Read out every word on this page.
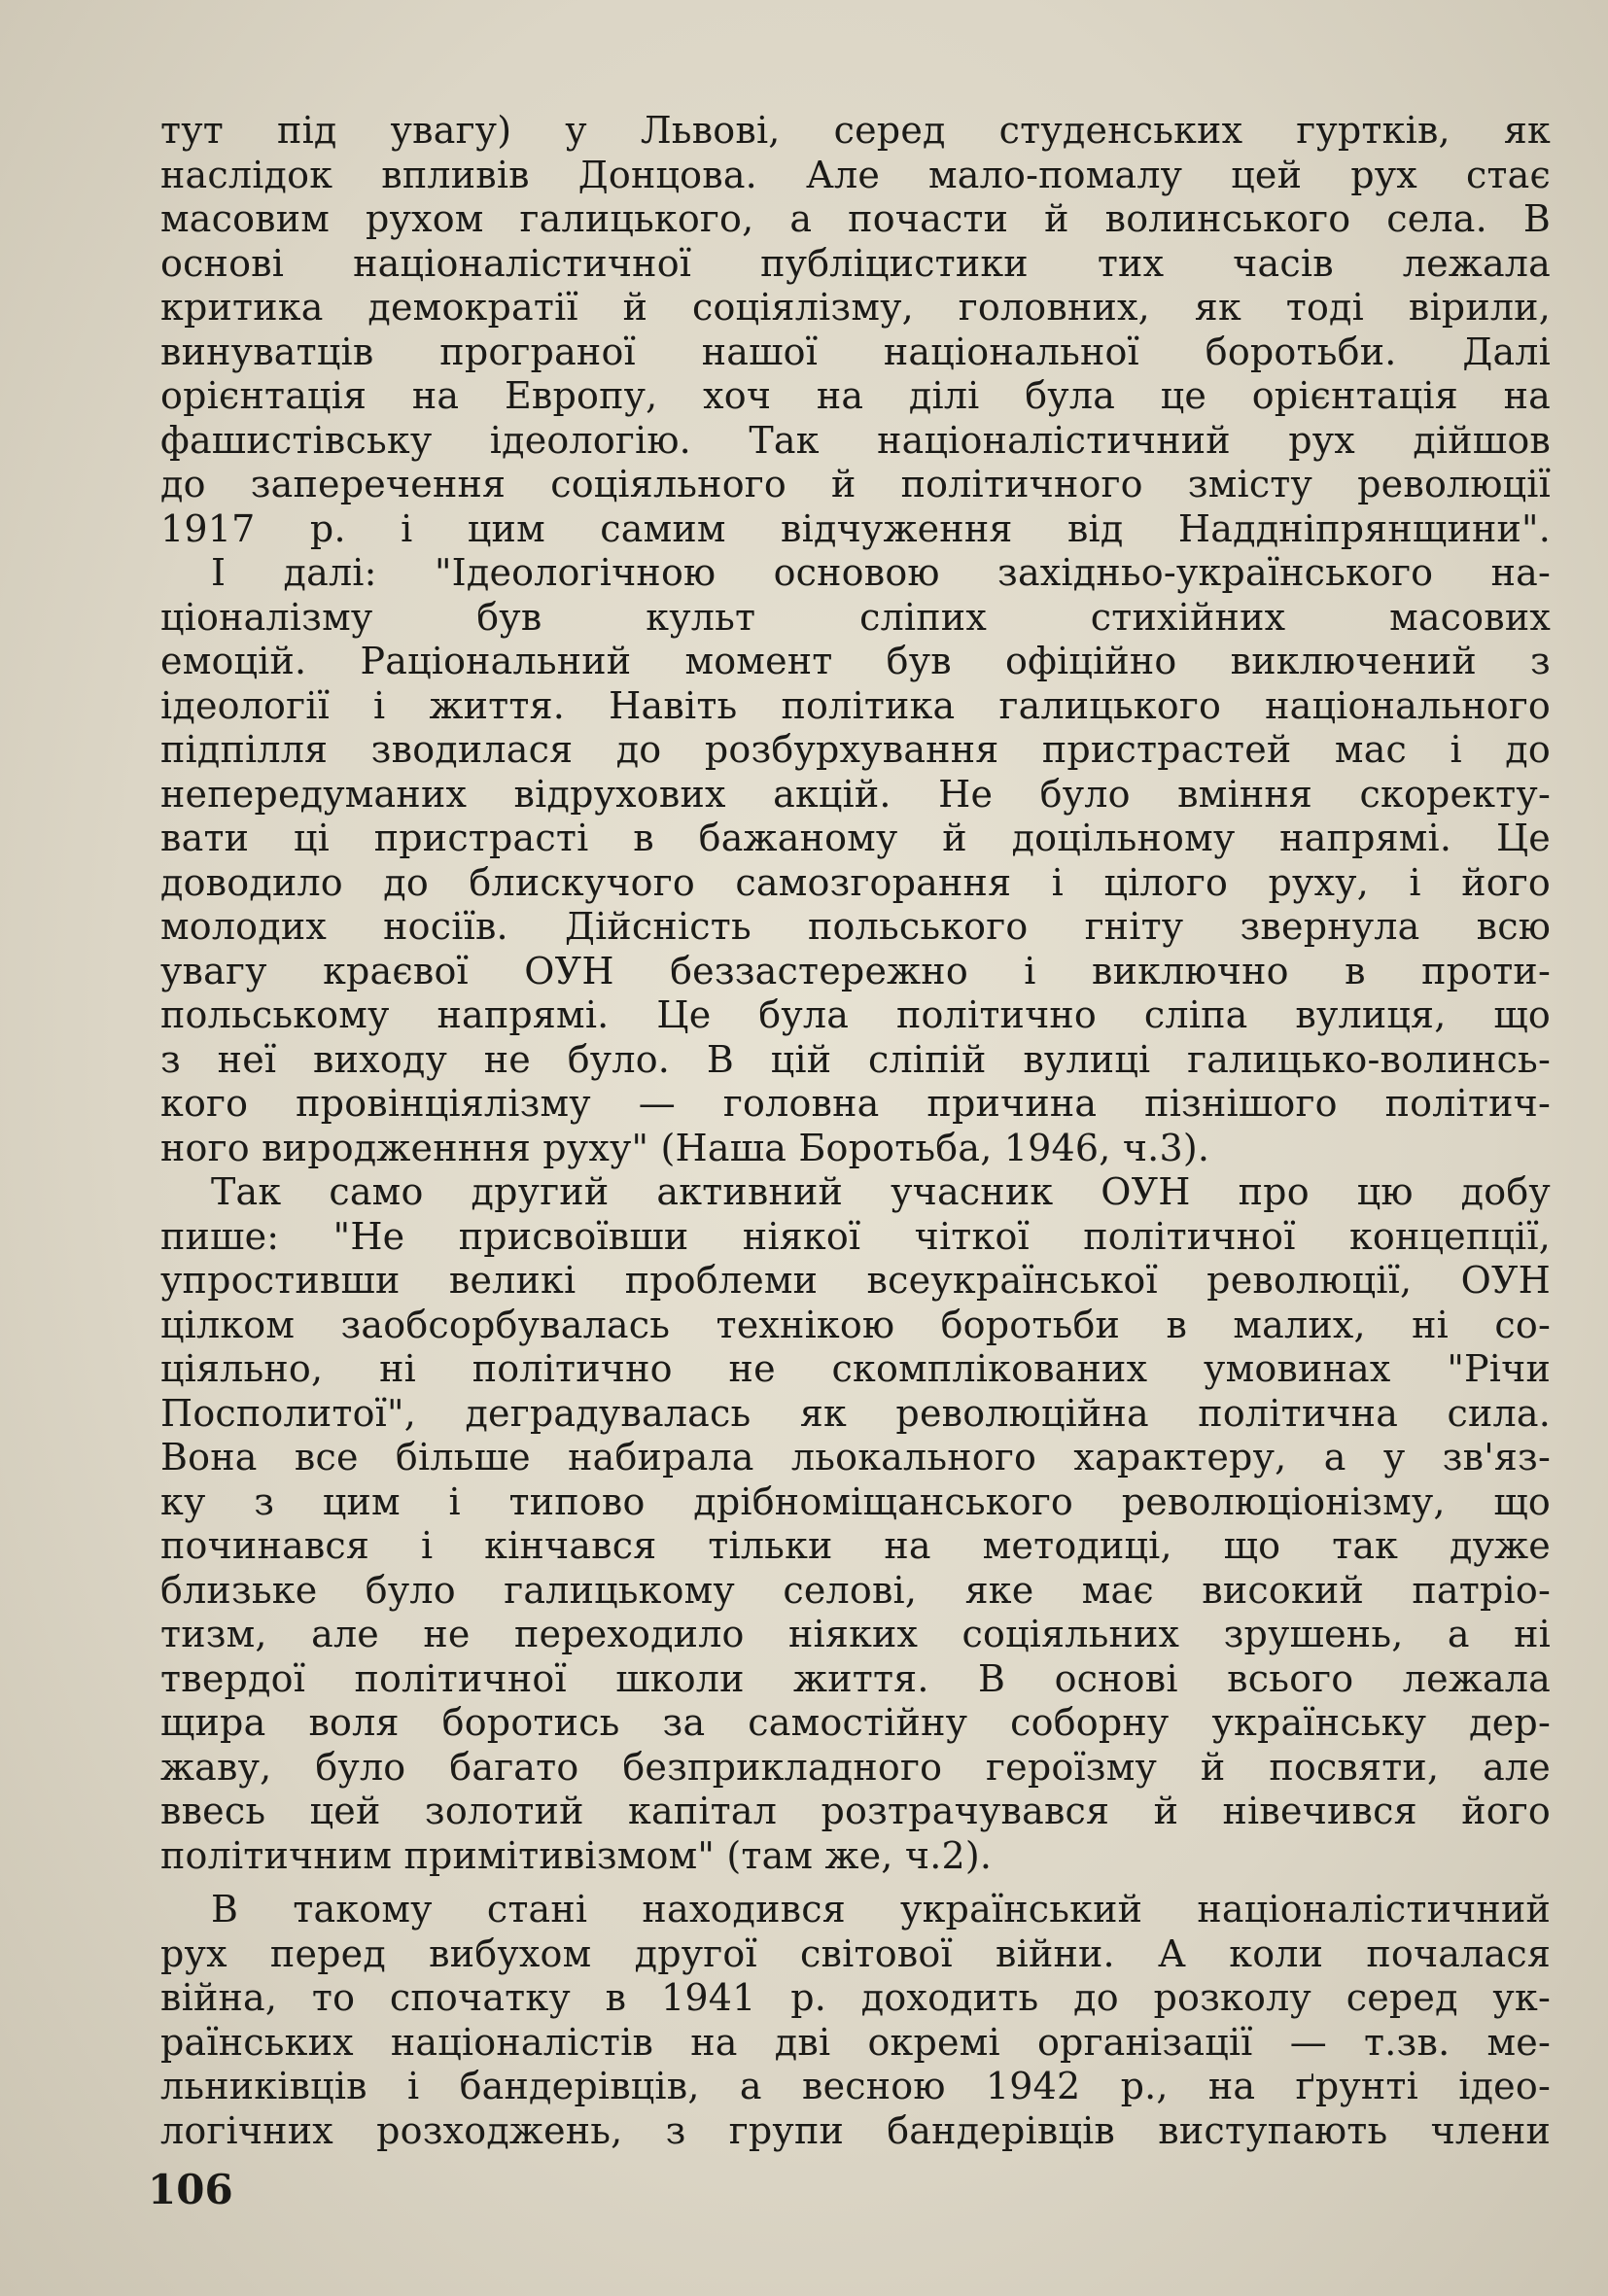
тут під увагу) у Львові, серед студенських гуртків, як
наслідок впливів Донцова. Але мало-помалу цей рух стає
масовим рухом галицького, а почасти й волинського села. В
основі націоналістичної публіцистики тих часів лежала
критика демократії й соціялізму, головних, як тоді вірили,
винуватців програної нашої національної боротьби. Далі
орієнтація на Европу, хоч на ділі була це орієнтація на
фашистівську ідеологію. Так націоналістичний рух дійшов
до заперечення соціяльного й політичного змісту революції
1917 р. і цим самим відчуження від Наддніпрянщини".
І далі: "Ідеологічною основою західньо-українського на-
ціоналізму був культ сліпих стихійних масових
емоцій. Раціональний момент був офіційно виключений з
ідеології і життя. Навіть політика галицького національного
підпілля зводилася до розбурхування пристрастей мас і до
непередуманих відрухових акцій. Не було вміння скоректу-
вати ці пристрасті в бажаному й доцільному напрямі. Це
доводило до блискучого самозгорання і цілого руху, і його
молодих носіїв. Дійсність польського гніту звернула всю
увагу краєвої ОУН беззастережно і виключно в проти-
польському напрямі. Це була політично сліпа вулиця, що
з неї виходу не було. В цій сліпій вулиці галицько-волинсь-
кого провінціялізму — головна причина пізнішого політич-
ного виродженння руху" (Наша Боротьба, 1946, ч.3).
Так само другий активний учасник ОУН про цю добу
пише: "Не присвоївши ніякої чіткої політичної концепції,
упростивши великі проблеми всеукраїнської революції, ОУН
цілком заобсорбувалась технікою боротьби в малих, ні со-
ціяльно, ні політично не скомплікованих умовинах "Річи
Посполитої", деградувалась як революційна політична сила.
Вона все більше набирала льокального характеру, а у зв'яз-
ку з цим і типово дрібноміщанського революціонізму, що
починався і кінчався тільки на методиці, що так дуже
близьке було галицькому селові, яке має високий патріо-
тизм, але не переходило ніяких соціяльних зрушень, а ні
твердої політичної школи життя. В основі всього лежала
щира воля боротись за самостійну соборну українську дер-
жаву, було багато безприкладного героїзму й посвяти, але
ввесь цей золотий капітал розтрачувався й нівечився його
політичним примітивізмом" (там же, ч.2).
В такому стані находився український націоналістичний
рух перед вибухом другої світової війни. А коли почалася
війна, то спочатку в 1941 р. доходить до розколу серед ук-
раїнських націоналістів на дві окремі організації — т.зв. ме-
льниківців і бандерівців, а весною 1942 р., на ґрунті ідео-
логічних розходжень, з групи бандерівців виступають члени
106
